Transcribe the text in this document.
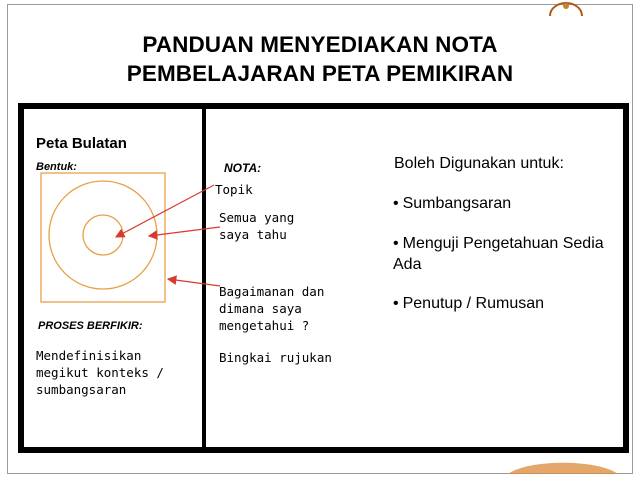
PANDUAN MENYEDIAKAN NOTA
PEMBELAJARAN PETA PEMIKIRAN
Peta Bulatan
Bentuk:
PROSES BERFIKIR:
Mendefinisikan megikut konteks / sumbangsaran
NOTA:
Topik
Semua yang saya tahu
Bagaimanan dan dimana saya mengetahui ?
Bingkai rujukan
Boleh Digunakan untuk:
• Sumbangsaran
• Menguji Pengetahuan Sedia Ada
• Penutup / Rumusan
